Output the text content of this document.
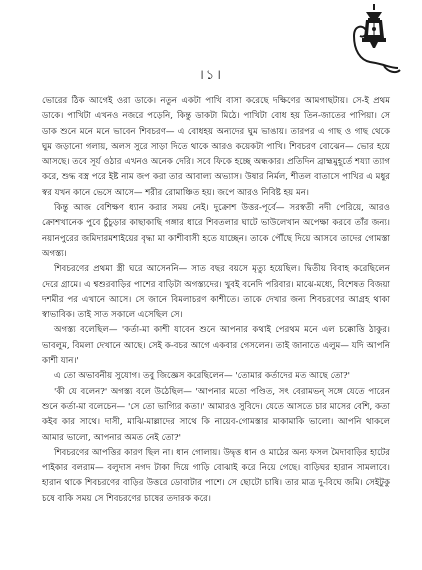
।১।

ভোরের ঠিক আগেই ওরা ডাকে। নতুন একটা পাখি বাসা করেছে দক্ষিণের আমগাছটায়। সে-ই প্রথম ডাকে। পাখিটা এখনও নজরে পড়েনি, কিন্তু ডাকটা মিঠে। পাখিটা বোধ হয় তিন-জাতের পাপিয়া। সে ডাক শুনে মনে মনে ভাবেন শিবচরণ— এ বোধহয় অন্যদের ঘুম ভাঙায়। তারপর এ গাছ ও গাছ থেকে ঘুম জড়ানো গলায়, অলস সুরে সাড়া দিতে থাকে আরও কয়েকটা পাখি। শিবচরণ বোঝেন— ভোর হয়ে আসছে। তবে সূর্য ওঠার এখনও অনেক দেরি। সবে ফিকে হচ্ছে অন্ধকার। প্রতিদিন ব্রাহ্মমুহূর্তে শয্যা ত্যাগ করে, শুদ্ধ বস্ত্র পরে ইষ্ট নাম জপ করা তার আবাল্য অভ্যাস। উষার নির্মল, শীতল বাতাসে পাখির এ মধুর স্বর যখন কানে ভেসে আসে— শরীর রোমাঞ্চিত হয়। জপে আরও নিবিষ্ট হয় মন।

কিন্তু আজ বেশিক্ষণ ধ্যান করার সময় নেই। দুক্রোশ উত্তর-পূর্বে— সরস্বতী নদী পেরিয়ে, আরও ক্রোশখানেক পুবে চুঁচুড়ার কাছাকাছি গঙ্গার ধারে শিবতলার ঘাটে ভাউলেখান অপেক্ষা করবে তাঁর জন্য। নয়ানপুরের জমিদারমশাইয়ের বৃদ্ধা মা কাশীবাসী হতে যাচ্ছেন। তাকে পৌঁছে দিয়ে আসবে তাদের গোমস্তা অগস্ত্য।

শিবচরণের প্রথমা স্ত্রী ঘরে আসেননি— সাত বছর বয়সে মৃত্যু হয়েছিল। দ্বিতীয় বিবাহ করেছিলেন দেরে গ্রামে। এ শ্বশুরবাড়ির পাশের বাড়িটা অগস্ত্যদের। খুবই বনেদি পরিবার। মাঝে-মধ্যে, বিশেষত বিজয়া দশমীর পর এখানে আসে। সে জানে বিমলাচরণ কাশীতে। তাকে দেখার জন্য শিবচরণের আগ্রহ থাকা স্বাভাবিক। তাই সাত সকালে এসেছিল সে।

অগস্ত্য বলেছিল— 'কর্তা-মা কাশী যাবেন শুনে আপনার কথাই পেরথম মনে এল চক্কোত্তি ঠাকুর। ভাবলুম, বিমলা দেখানে আছে। সেই ক-বচর আগে একবার গেসলেন। তাই জানাতে এলুম— যদি আপনি কাশী যান।'

এ তো অভাবনীয় সুযোগ। তবু জিজ্ঞেস করেছিলেন— 'তোমার কর্তাদের মত আছে তো?'

'কী যে বলেন?' অগস্ত্য বলে উঠেছিল— 'আপনার মতো পণ্ডিত, সৎ বেরামভন্ সঙ্গে যেতে পারেন শুনে কর্তা-মা বলেচেন— 'সে তো ভাগ্যির কতা।' আমারও সুবিদে। যেতে আসতে চার মাসের বেশি, কতা কইব কার সাথে। দাসী, মাঝি-মাল্লাদের সাথে কি নায়েব-গোমস্তার মাকামাকি ভালো। আপনি থাকলে আমার ভালো, আপনার অমত নেই তো?'

শিবচরণের আপত্তির কারণ ছিল না। ধান গোলায়। উদ্বৃত্ত ধান ও মাঠের অন্য ফসল মৈদাবাড়ির হাটের পাইকার বলরাম— বলুদাস নগদ টাকা দিয়ে গাড়ি বোঝাই করে নিয়ে গেছে। বাড়িঘর হারান সামলাবে। হারান থাকে শিবচরণের বাড়ির উত্তরে ডোবাটার পাশে। সে ছোটো চাষি। তার মাত্র দু-বিঘে জমি। সেইটুকু চষে বাকি সময় সে শিবচরণের চাষের তদারক করে।
